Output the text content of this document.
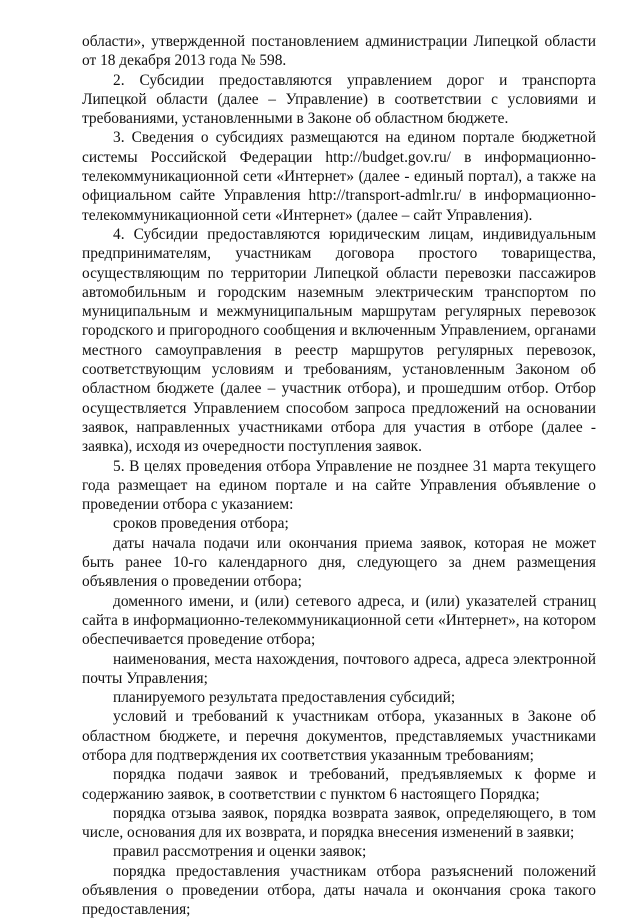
области», утвержденной постановлением администрации Липецкой области от 18 декабря 2013 года № 598.

2. Субсидии предоставляются управлением дорог и транспорта Липецкой области (далее – Управление) в соответствии с условиями и требованиями, установленными в Законе об областном бюджете.

3. Сведения о субсидиях размещаются на едином портале бюджетной системы Российской Федерации http://budget.gov.ru/ в информационно-телекоммуникационной сети «Интернет» (далее - единый портал), а также на официальном сайте Управления http://transport-admlr.ru/ в информационно-телекоммуникационной сети «Интернет» (далее – сайт Управления).

4. Субсидии предоставляются юридическим лицам, индивидуальным предпринимателям, участникам договора простого товарищества, осуществляющим по территории Липецкой области перевозки пассажиров автомобильным и городским наземным электрическим транспортом по муниципальным и межмуниципальным маршрутам регулярных перевозок городского и пригородного сообщения и включенным Управлением, органами местного самоуправления в реестр маршрутов регулярных перевозок, соответствующим условиям и требованиям, установленным Законом об областном бюджете (далее – участник отбора), и прошедшим отбор. Отбор осуществляется Управлением способом запроса предложений на основании заявок, направленных участниками отбора для участия в отборе (далее - заявка), исходя из очередности поступления заявок.

5. В целях проведения отбора Управление не позднее 31 марта текущего года размещает на едином портале и на сайте Управления объявление о проведении отбора с указанием:

сроков проведения отбора;

даты начала подачи или окончания приема заявок, которая не может быть ранее 10-го календарного дня, следующего за днем размещения объявления о проведении отбора;

доменного имени, и (или) сетевого адреса, и (или) указателей страниц сайта в информационно-телекоммуникационной сети «Интернет», на котором обеспечивается проведение отбора;

наименования, места нахождения, почтового адреса, адреса электронной почты Управления;

планируемого результата предоставления субсидий;

условий и требований к участникам отбора, указанных в Законе об областном бюджете, и перечня документов, представляемых участниками отбора для подтверждения их соответствия указанным требованиям;

порядка подачи заявок и требований, предъявляемых к форме и содержанию заявок, в соответствии с пунктом 6 настоящего Порядка;

порядка отзыва заявок, порядка возврата заявок, определяющего, в том числе, основания для их возврата, и порядка внесения изменений в заявки;

правил рассмотрения и оценки заявок;

порядка предоставления участникам отбора разъяснений положений объявления о проведении отбора, даты начала и окончания срока такого предоставления;
